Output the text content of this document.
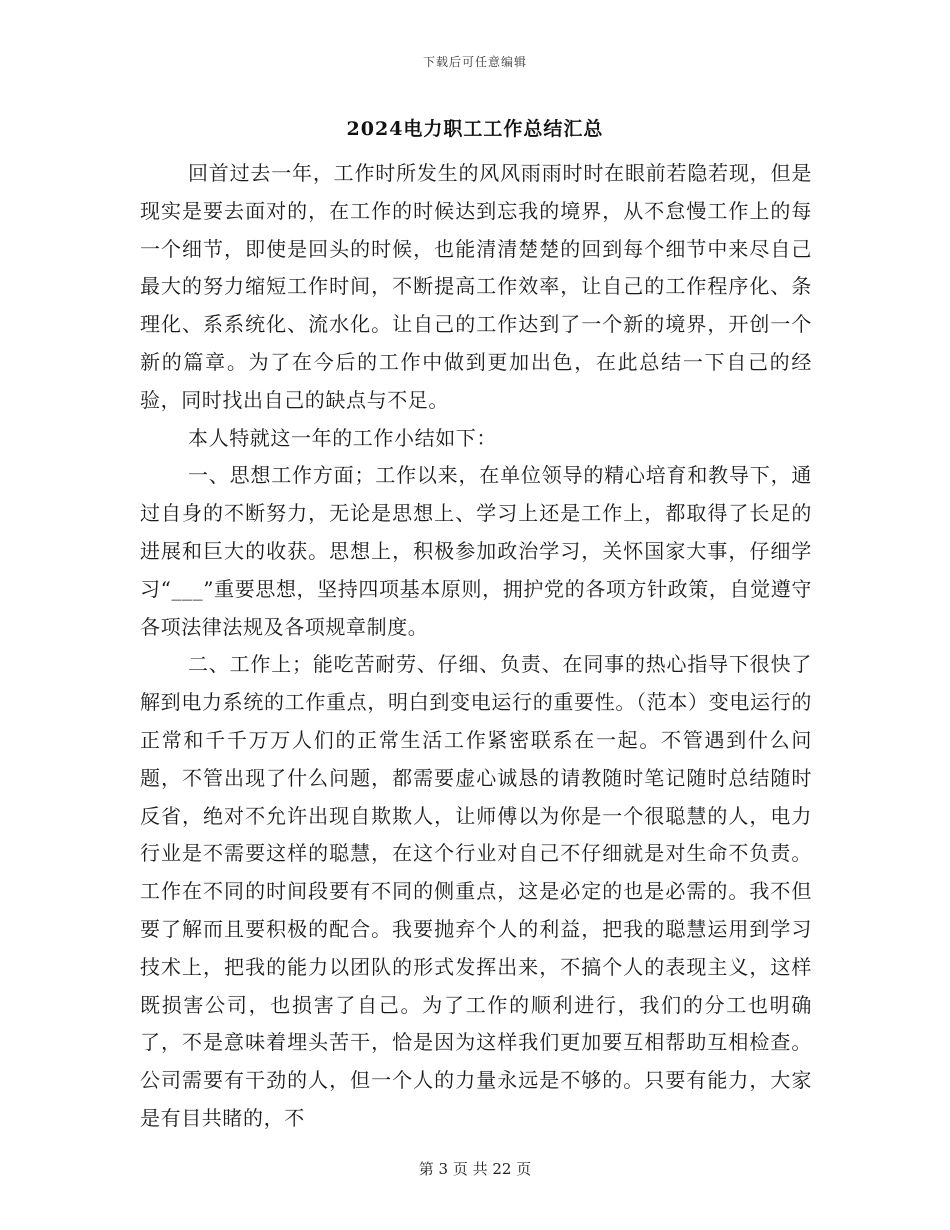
下载后可任意编辑
2024电力职工工作总结汇总

回首过去一年，工作时所发生的风风雨雨时时在眼前若隐若现，但是现实是要去面对的，在工作的时候达到忘我的境界，从不怠慢工作上的每一个细节，即使是回头的时候，也能清清楚楚的回到每个细节中来尽自己最大的努力缩短工作时间，不断提高工作效率，让自己的工作程序化、条理化、系系统化、流水化。让自己的工作达到了一个新的境界，开创一个新的篇章。为了在今后的工作中做到更加出色，在此总结一下自己的经验，同时找出自己的缺点与不足。

本人特就这一年的工作小结如下：

一、思想工作方面；工作以来，在单位领导的精心培育和教导下，通过自身的不断努力，无论是思想上、学习上还是工作上，都取得了长足的进展和巨大的收获。思想上，积极参加政治学习，关怀国家大事，仔细学习“___”重要思想，坚持四项基本原则，拥护党的各项方针政策，自觉遵守各项法律法规及各项规章制度。

二、工作上；能吃苦耐劳、仔细、负责、在同事的热心指导下很快了解到电力系统的工作重点，明白到变电运行的重要性。（范本）变电运行的正常和千千万万人们的正常生活工作紧密联系在一起。不管遇到什么问题，不管出现了什么问题，都需要虚心诚恳的请教随时笔记随时总结随时反省，绝对不允许出现自欺欺人，让师傅以为你是一个很聪慧的人，电力行业是不需要这样的聪慧，在这个行业对自己不仔细就是对生命不负责。工作在不同的时间段要有不同的侧重点，这是必定的也是必需的。我不但要了解而且要积极的配合。我要抛弃个人的利益，把我的聪慧运用到学习技术上，把我的能力以团队的形式发挥出来，不搞个人的表现主义，这样既损害公司，也损害了自己。为了工作的顺利进行，我们的分工也明确了，不是意味着埋头苦干，恰是因为这样我们更加要互相帮助互相检查。公司需要有干劲的人，但一个人的力量永远是不够的。只要有能力，大家是有目共睹的，不

第 3 页 共 22 页
